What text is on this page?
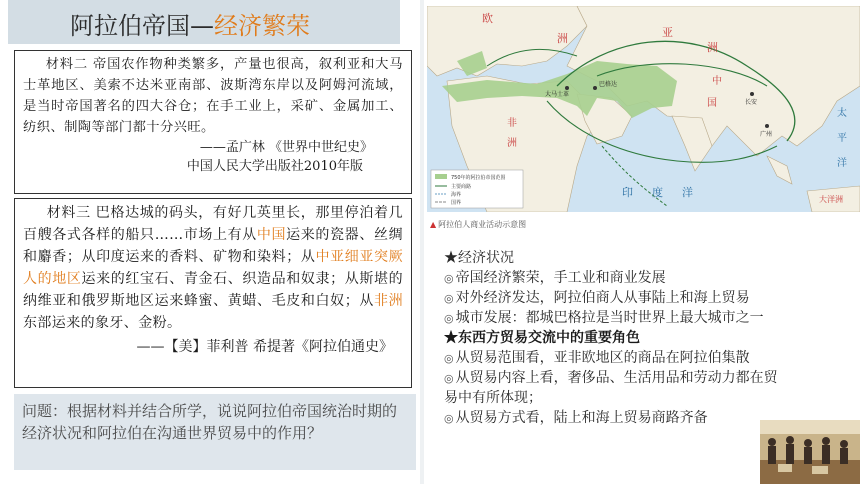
阿拉伯帝国—经济繁荣

材料二 帝国农作物种类繁多，产量也很高，叙利亚和大马士革地区、美索不达米亚南部、波斯湾东岸以及阿姆河流域，是当时帝国著名的四大谷仓；在手工业上，采矿、金属加工、纺织、制陶等部门都十分兴旺。

——孟广林 《世界中世纪史》

中国人民大学出版社2010年版

材料三 巴格达城的码头，有好几英里长，那里停泊着几百艘各式各样的船只……市场上有从中国运来的瓷器、丝绸和麝香；从印度运来的香料、矿物和染料；从中亚细亚突厥人的地区运来的红宝石、青金石、织造品和奴隶；从斯堪的纳维亚和俄罗斯地区运来蜂蜜、黄蜡、毛皮和白奴；从非洲东部运来的象牙、金粉。

——【美】菲利普 希提著《阿拉伯通史》

问题：根据材料并结合所学，说说阿拉伯帝国统治时期的经济状况和阿拉伯在沟通世界贸易中的作用？
欧
洲	亚
洲
中
国
非
洲
印 度 洋
太
平
洋
大洋洲
巴格达
大马士革
长安
广州
750年的阿拉伯帝国范围
主要商路
海界
国界
▲ 阿拉伯人商业活动示意图
★经济状况
◎ 帝国经济繁荣，手工业和商业发展
◎ 对外经济发达，阿拉伯商人从事陆上和海上贸易
◎ 城市发展：都城巴格拉是当时世界上最大城市之一
★东西方贸易交流中的重要角色
◎ 从贸易范围看，亚非欧地区的商品在阿拉伯集散
◎ 从贸易内容上看，奢侈品、生活用品和劳动力都在贸
易中有所体现；
◎ 从贸易方式看，陆上和海上贸易商路齐备
